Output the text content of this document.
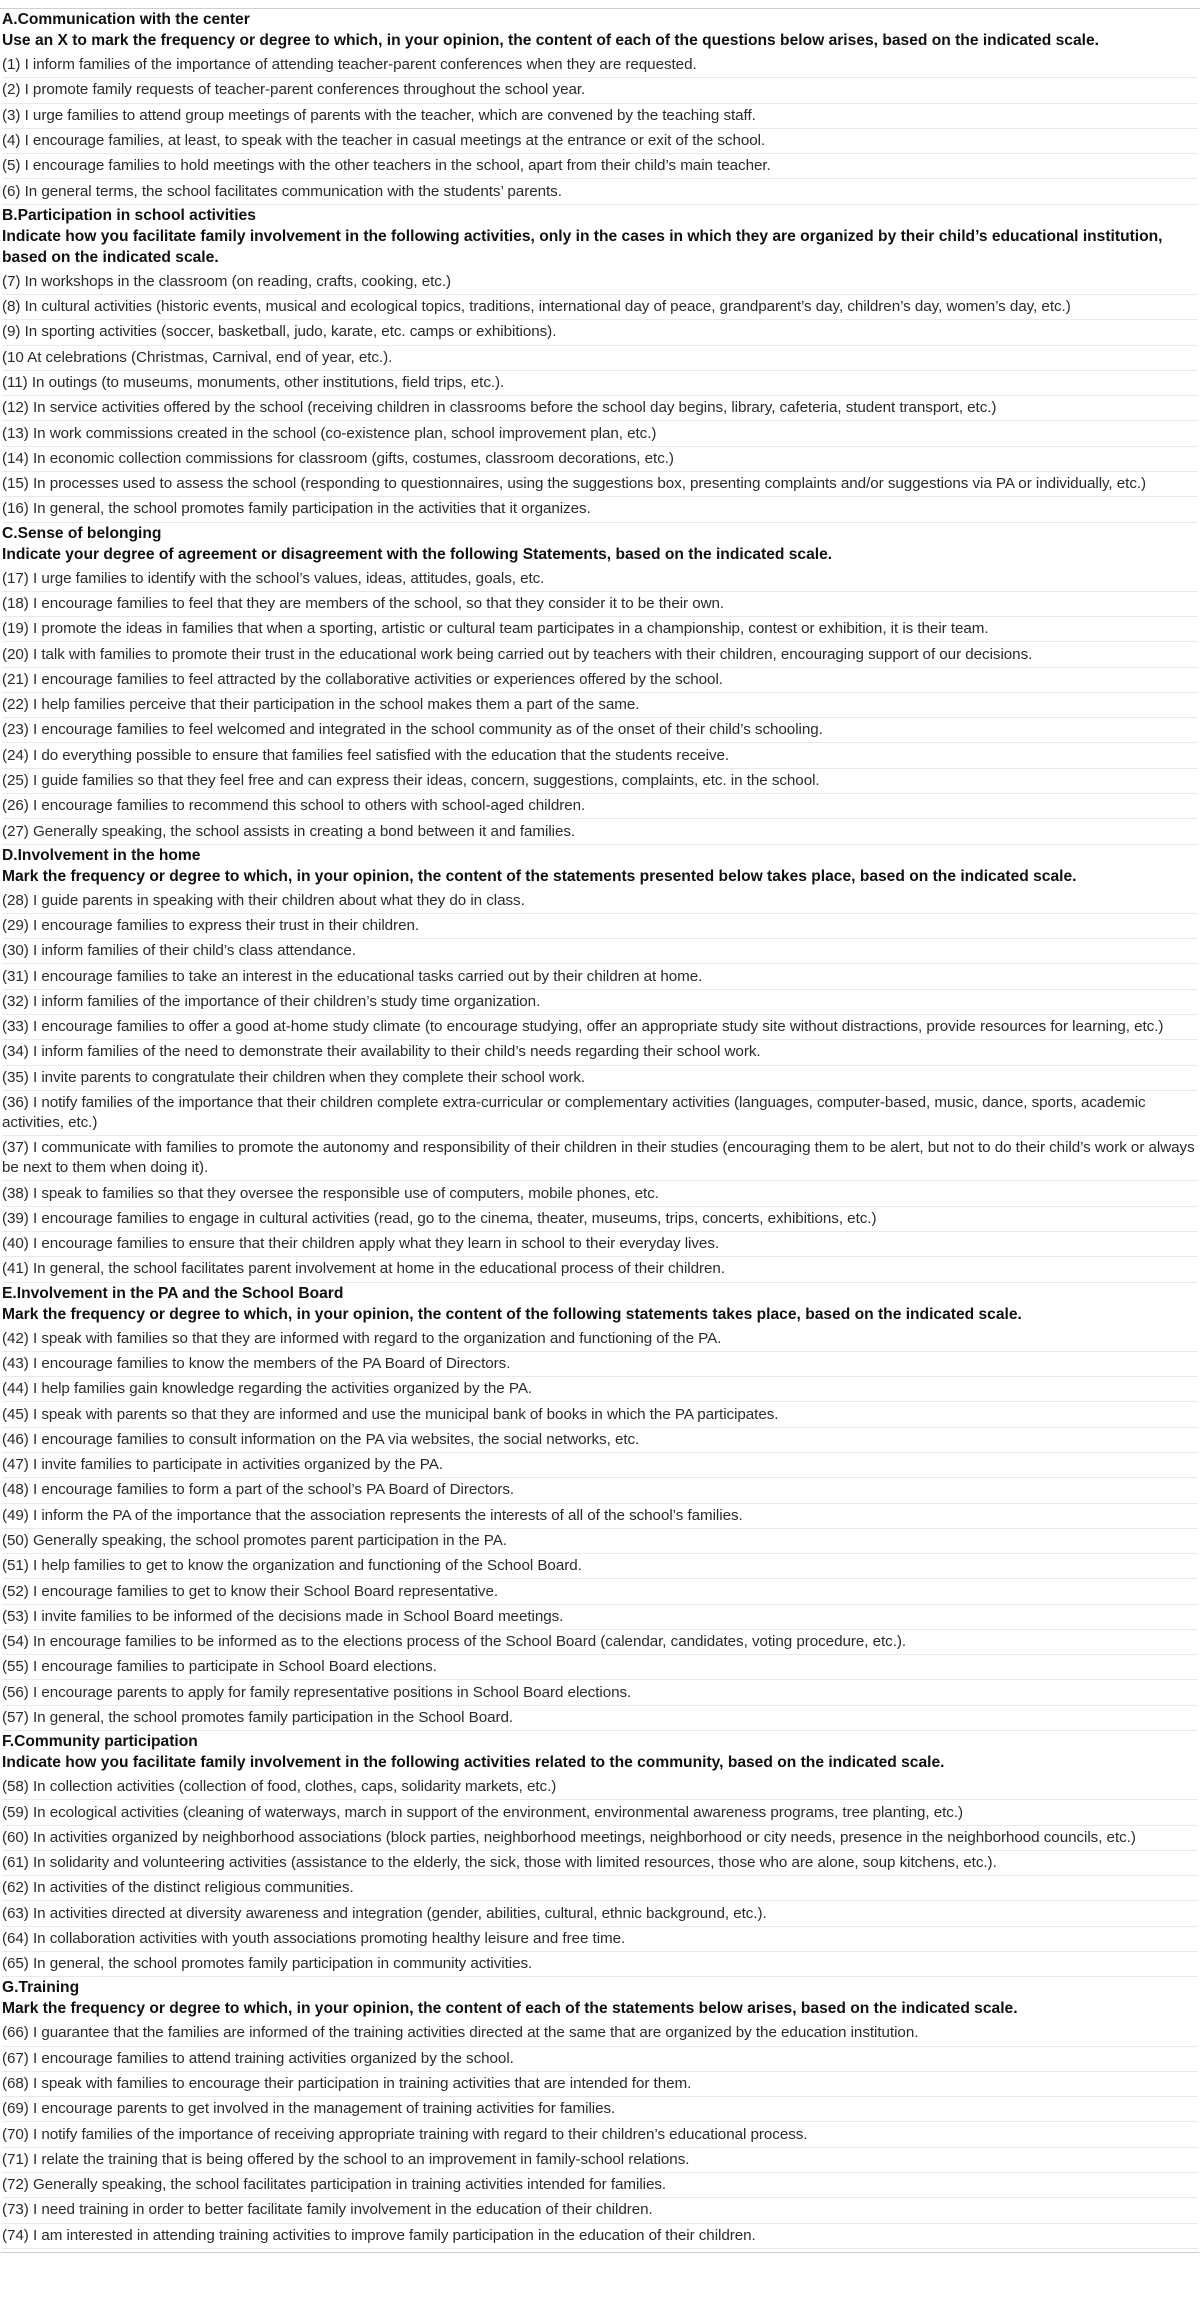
A.Communication with the center
Use an X to mark the frequency or degree to which, in your opinion, the content of each of the questions below arises, based on the indicated scale.
(1) I inform families of the importance of attending teacher-parent conferences when they are requested.
(2) I promote family requests of teacher-parent conferences throughout the school year.
(3) I urge families to attend group meetings of parents with the teacher, which are convened by the teaching staff.
(4) I encourage families, at least, to speak with the teacher in casual meetings at the entrance or exit of the school.
(5) I encourage families to hold meetings with the other teachers in the school, apart from their child’s main teacher.
(6) In general terms, the school facilitates communication with the students’ parents.
B.Participation in school activities
Indicate how you facilitate family involvement in the following activities, only in the cases in which they are organized by their child’s educational institution, based on the indicated scale.
(7) In workshops in the classroom (on reading, crafts, cooking, etc.)
(8) In cultural activities (historic events, musical and ecological topics, traditions, international day of peace, grandparent’s day, children’s day, women’s day, etc.)
(9) In sporting activities (soccer, basketball, judo, karate, etc. camps or exhibitions).
(10 At celebrations (Christmas, Carnival, end of year, etc.).
(11) In outings (to museums, monuments, other institutions, field trips, etc.).
(12) In service activities offered by the school (receiving children in classrooms before the school day begins, library, cafeteria, student transport, etc.)
(13) In work commissions created in the school (co-existence plan, school improvement plan, etc.)
(14) In economic collection commissions for classroom (gifts, costumes, classroom decorations, etc.)
(15) In processes used to assess the school (responding to questionnaires, using the suggestions box, presenting complaints and/or suggestions via PA or individually, etc.)
(16) In general, the school promotes family participation in the activities that it organizes.
C.Sense of belonging
Indicate your degree of agreement or disagreement with the following Statements, based on the indicated scale.
(17) I urge families to identify with the school’s values, ideas, attitudes, goals, etc.
(18) I encourage families to feel that they are members of the school, so that they consider it to be their own.
(19) I promote the ideas in families that when a sporting, artistic or cultural team participates in a championship, contest or exhibition, it is their team.
(20) I talk with families to promote their trust in the educational work being carried out by teachers with their children, encouraging support of our decisions.
(21) I encourage families to feel attracted by the collaborative activities or experiences offered by the school.
(22) I help families perceive that their participation in the school makes them a part of the same.
(23) I encourage families to feel welcomed and integrated in the school community as of the onset of their child’s schooling.
(24) I do everything possible to ensure that families feel satisfied with the education that the students receive.
(25) I guide families so that they feel free and can express their ideas, concern, suggestions, complaints, etc. in the school.
(26) I encourage families to recommend this school to others with school-aged children.
(27) Generally speaking, the school assists in creating a bond between it and families.
D.Involvement in the home
Mark the frequency or degree to which, in your opinion, the content of the statements presented below takes place, based on the indicated scale.
(28) I guide parents in speaking with their children about what they do in class.
(29) I encourage families to express their trust in their children.
(30) I inform families of their child’s class attendance.
(31) I encourage families to take an interest in the educational tasks carried out by their children at home.
(32) I inform families of the importance of their children’s study time organization.
(33) I encourage families to offer a good at-home study climate (to encourage studying, offer an appropriate study site without distractions, provide resources for learning, etc.)
(34) I inform families of the need to demonstrate their availability to their child’s needs regarding their school work.
(35) I invite parents to congratulate their children when they complete their school work.
(36) I notify families of the importance that their children complete extra-curricular or complementary activities (languages, computer-based, music, dance, sports, academic activities, etc.)
(37) I communicate with families to promote the autonomy and responsibility of their children in their studies (encouraging them to be alert, but not to do their child’s work or always be next to them when doing it).
(38) I speak to families so that they oversee the responsible use of computers, mobile phones, etc.
(39) I encourage families to engage in cultural activities (read, go to the cinema, theater, museums, trips, concerts, exhibitions, etc.)
(40) I encourage families to ensure that their children apply what they learn in school to their everyday lives.
(41) In general, the school facilitates parent involvement at home in the educational process of their children.
E.Involvement in the PA and the School Board
Mark the frequency or degree to which, in your opinion, the content of the following statements takes place, based on the indicated scale.
(42) I speak with families so that they are informed with regard to the organization and functioning of the PA.
(43) I encourage families to know the members of the PA Board of Directors.
(44) I help families gain knowledge regarding the activities organized by the PA.
(45) I speak with parents so that they are informed and use the municipal bank of books in which the PA participates.
(46) I encourage families to consult information on the PA via websites, the social networks, etc.
(47) I invite families to participate in activities organized by the PA.
(48) I encourage families to form a part of the school’s PA Board of Directors.
(49) I inform the PA of the importance that the association represents the interests of all of the school’s families.
(50) Generally speaking, the school promotes parent participation in the PA.
(51) I help families to get to know the organization and functioning of the School Board.
(52) I encourage families to get to know their School Board representative.
(53) I invite families to be informed of the decisions made in School Board meetings.
(54) In encourage families to be informed as to the elections process of the School Board (calendar, candidates, voting procedure, etc.).
(55) I encourage families to participate in School Board elections.
(56) I encourage parents to apply for family representative positions in School Board elections.
(57) In general, the school promotes family participation in the School Board.
F.Community participation
Indicate how you facilitate family involvement in the following activities related to the community, based on the indicated scale.
(58) In collection activities (collection of food, clothes, caps, solidarity markets, etc.)
(59) In ecological activities (cleaning of waterways, march in support of the environment, environmental awareness programs, tree planting, etc.)
(60) In activities organized by neighborhood associations (block parties, neighborhood meetings, neighborhood or city needs, presence in the neighborhood councils, etc.)
(61) In solidarity and volunteering activities (assistance to the elderly, the sick, those with limited resources, those who are alone, soup kitchens, etc.).
(62) In activities of the distinct religious communities.
(63) In activities directed at diversity awareness and integration (gender, abilities, cultural, ethnic background, etc.).
(64) In collaboration activities with youth associations promoting healthy leisure and free time.
(65) In general, the school promotes family participation in community activities.
G.Training
Mark the frequency or degree to which, in your opinion, the content of each of the statements below arises, based on the indicated scale.
(66) I guarantee that the families are informed of the training activities directed at the same that are organized by the education institution.
(67) I encourage families to attend training activities organized by the school.
(68) I speak with families to encourage their participation in training activities that are intended for them.
(69) I encourage parents to get involved in the management of training activities for families.
(70) I notify families of the importance of receiving appropriate training with regard to their children’s educational process.
(71) I relate the training that is being offered by the school to an improvement in family-school relations.
(72) Generally speaking, the school facilitates participation in training activities intended for families.
(73) I need training in order to better facilitate family involvement in the education of their children.
(74) I am interested in attending training activities to improve family participation in the education of their children.
